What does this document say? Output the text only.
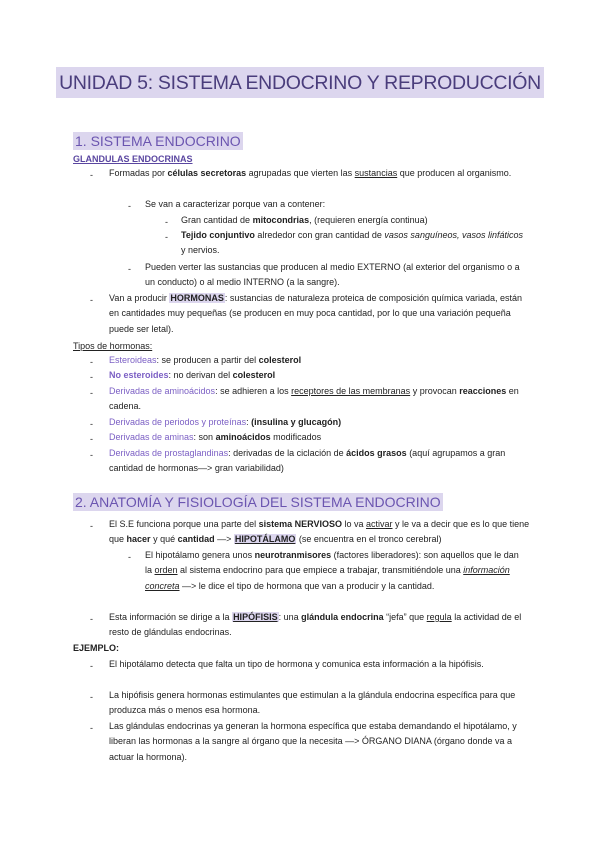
UNIDAD 5: SISTEMA ENDOCRINO Y REPRODUCCIÓN
1. SISTEMA ENDOCRINO
GLANDULAS ENDOCRINAS
- Formadas por células secretoras agrupadas que vierten las sustancias que producen al organismo.
- Se van a caracterizar porque van a contener:
- Gran cantidad de mitocondrias, (requieren energía continua)
- Tejido conjuntivo alrededor con gran cantidad de vasos sanguíneos, vasos linfáticos y nervios.
- Pueden verter las sustancias que producen al medio EXTERNO (al exterior del organismo o a un conducto) o al medio INTERNO (a la sangre).
- Van a producir HORMONAS: sustancias de naturaleza proteica de composición química variada, están en cantidades muy pequeñas (se producen en muy poca cantidad, por lo que una variación pequeña puede ser letal).
Tipos de hormonas:
- Esteroideas: se producen a partir del colesterol
- No esteroides: no derivan del colesterol
- Derivadas de aminoácidos: se adhieren a los receptores de las membranas y provocan reacciones en cadena.
- Derivadas de periodos y proteínas: (insulina y glucagón)
- Derivadas de aminas: son aminoácidos modificados
- Derivadas de prostaglandinas: derivadas de la ciclación de ácidos grasos (aquí agrupamos a gran cantidad de hormonas—> gran variabilidad)
2. ANATOMÍA Y FISIOLOGÍA DEL SISTEMA ENDOCRINO
- El S.E funciona porque una parte del sistema NERVIOSO lo va activar y le va a decir que es lo que tiene que hacer y qué cantidad —> HIPOTÁLAMO (se encuentra en el tronco cerebral)
- El hipotálamo genera unos neurotranmisores (factores liberadores): son aquellos que le dan la orden al sistema endocrino para que empiece a trabajar, transmitiéndole una información concreta —> le dice el tipo de hormona que van a producir y la cantidad.
- Esta información se dirige a la HIPÓFISIS: una glándula endocrina “jefa” que regula la actividad de el resto de glándulas endocrinas.
EJEMPLO:
- El hipotálamo detecta que falta un tipo de hormona y comunica esta información a la hipófisis.
- La hipófisis genera hormonas estimulantes que estimulan a la glándula endocrina específica para que produzca más o menos esa hormona.
- Las glándulas endocrinas ya generan la hormona específica que estaba demandando el hipotálamo, y liberan las hormonas a la sangre al órgano que la necesita —> ÓRGANO DIANA (órgano donde va a actuar la hormona).
